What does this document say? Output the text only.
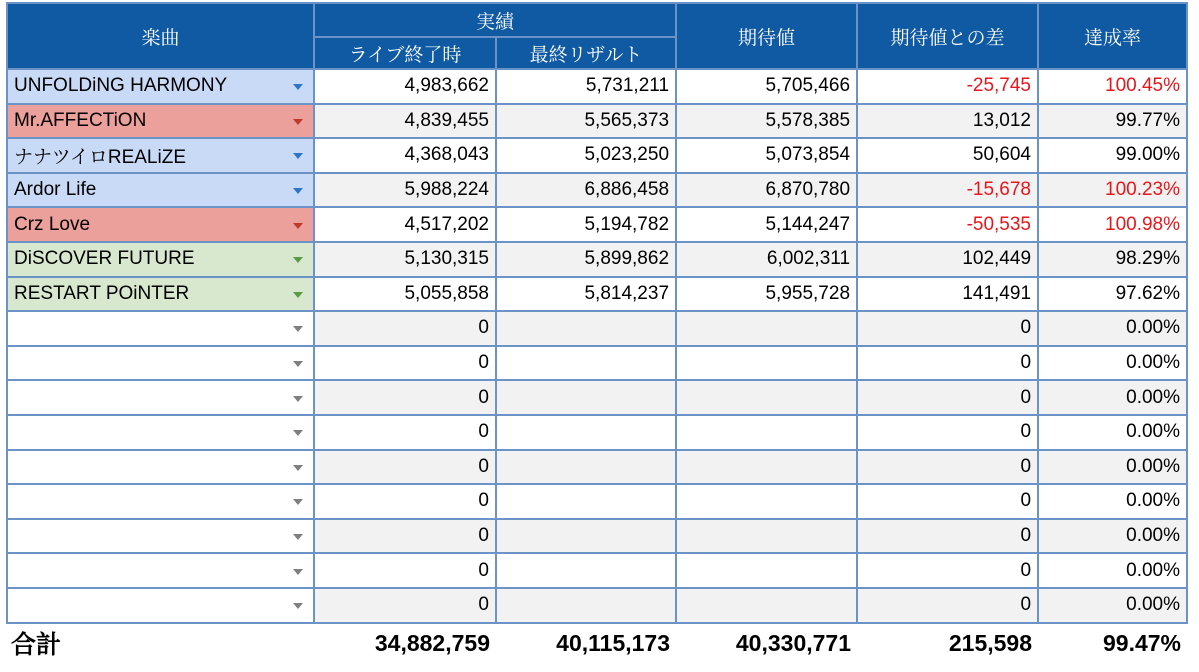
楽曲	実績		期待値	期待値との差	達成率
	ライブ終了時	最終リザルト			
UNFOLDiNG HARMONY	4,983,662	5,731,211	5,705,466	-25,745	100.45%
Mr.AFFECTiON	4,839,455	5,565,373	5,578,385	13,012	99.77%
ナナツイロREALiZE	4,368,043	5,023,250	5,073,854	50,604	99.00%
Ardor Life	5,988,224	6,886,458	6,870,780	-15,678	100.23%
Crz Love	4,517,202	5,194,782	5,144,247	-50,535	100.98%
DiSCOVER FUTURE	5,130,315	5,899,862	6,002,311	102,449	98.29%
RESTART POiNTER	5,055,858	5,814,237	5,955,728	141,491	97.62%

	0			0	0.00%

	0			0	0.00%

	0			0	0.00%

	0			0	0.00%

	0			0	0.00%

	0			0	0.00%

	0			0	0.00%

	0			0	0.00%

	0			0	0.00%
合計	34,882,759	40,115,173	40,330,771	215,598	99.47%
